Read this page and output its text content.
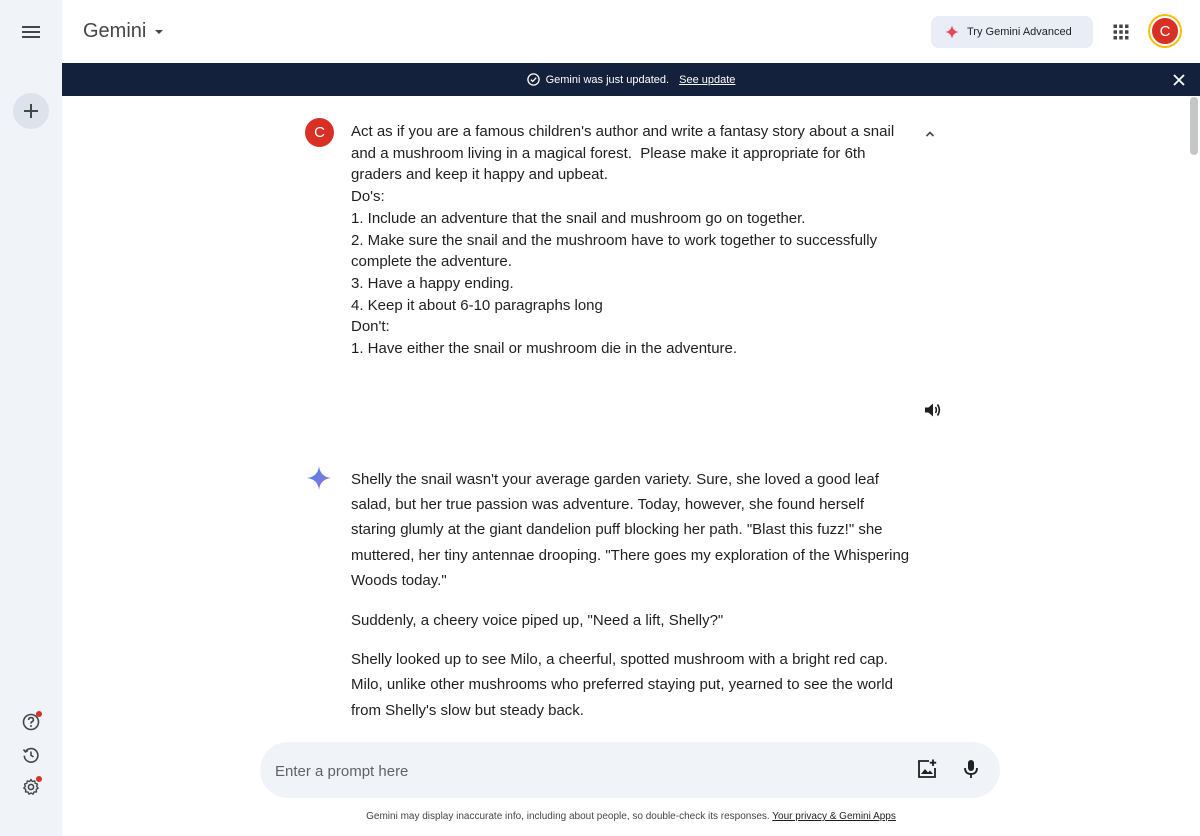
Gemini	Try Gemini Advanced	C
Gemini was just updated. See update
C	Act as if you are a famous children's author and write a fantasy story about a snail
and a mushroom living in a magical forest.  Please make it appropriate for 6th
graders and keep it happy and upbeat.
Do's:
1. Include an adventure that the snail and mushroom go on together.
2. Make sure the snail and the mushroom have to work together to successfully
complete the adventure.
3. Have a happy ending.
4. Keep it about 6-10 paragraphs long
Don't:
1. Have either the snail or mushroom die in the adventure.

Shelly the snail wasn't your average garden variety. Sure, she loved a good leaf salad, but her true passion was adventure. Today, however, she found herself staring glumly at the giant dandelion puff blocking her path. "Blast this fuzz!" she muttered, her tiny antennae drooping. "There goes my exploration of the Whispering Woods today."

Suddenly, a cheery voice piped up, "Need a lift, Shelly?"

Shelly looked up to see Milo, a cheerful, spotted mushroom with a bright red cap. Milo, unlike other mushrooms who preferred staying put, yearned to see the world from Shelly's slow but steady back.

Enter a prompt here
Gemini may display inaccurate info, including about people, so double-check its responses. Your privacy & Gemini Apps
